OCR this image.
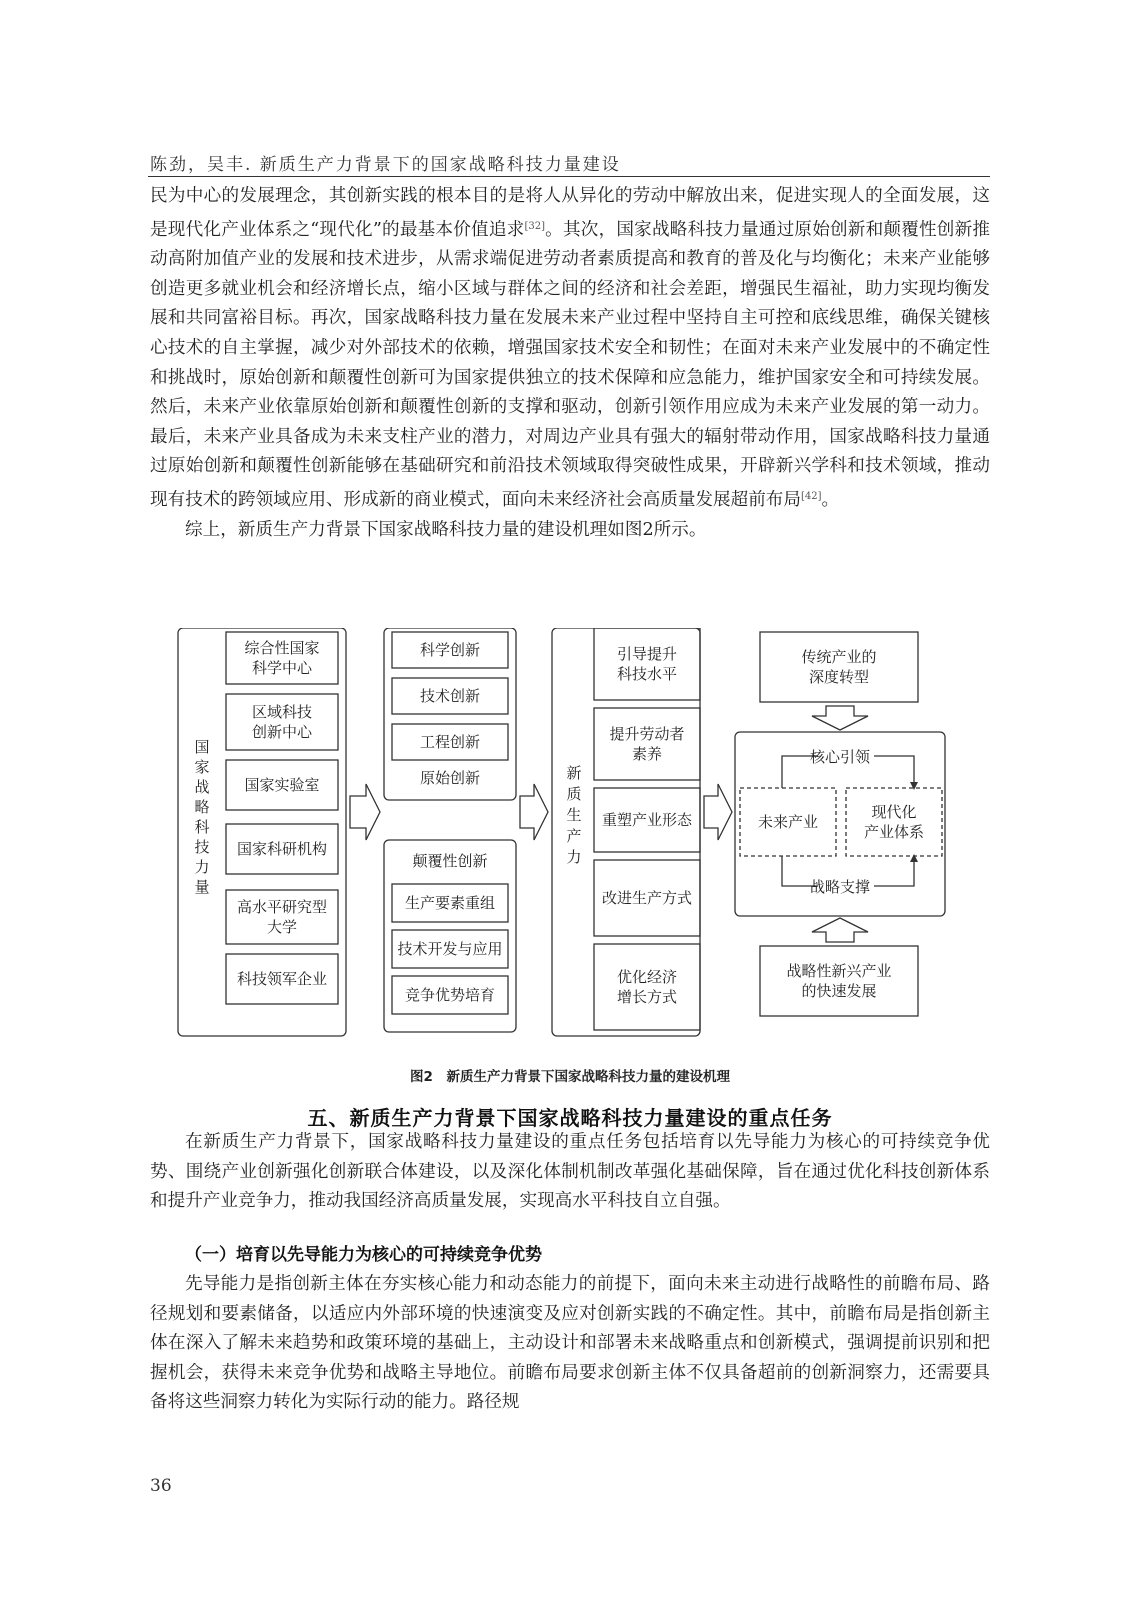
陈劲，吴丰. 新质生产力背景下的国家战略科技力量建设

民为中心的发展理念，其创新实践的根本目的是将人从异化的劳动中解放出来，促进实现人的全面发展，这是现代化产业体系之“现代化”的最基本价值追求[32]。其次，国家战略科技力量通过原始创新和颠覆性创新推动高附加值产业的发展和技术进步，从需求端促进劳动者素质提高和教育的普及化与均衡化；未来产业能够创造更多就业机会和经济增长点，缩小区域与群体之间的经济和社会差距，增强民生福祉，助力实现均衡发展和共同富裕目标。再次，国家战略科技力量在发展未来产业过程中坚持自主可控和底线思维，确保关键核心技术的自主掌握，减少对外部技术的依赖，增强国家技术安全和韧性；在面对未来产业发展中的不确定性和挑战时，原始创新和颠覆性创新可为国家提供独立的技术保障和应急能力，维护国家安全和可持续发展。然后，未来产业依靠原始创新和颠覆性创新的支撑和驱动，创新引领作用应成为未来产业发展的第一动力。最后，未来产业具备成为未来支柱产业的潜力，对周边产业具有强大的辐射带动作用，国家战略科技力量通过原始创新和颠覆性创新能够在基础研究和前沿技术领域取得突破性成果，开辟新兴学科和技术领域，推动现有技术的跨领域应用、形成新的商业模式，面向未来经济社会高质量发展超前布局[42]。

综上，新质生产力背景下国家战略科技力量的建设机理如图2所示。

综合性国家
科学中心
区域科技
创新中心
国家实验室
国家科研机构
高水平研究型
大学
科技领军企业
国
家
战
略
科
技
力
量
科学创新
技术创新
工程创新
原始创新
颠覆性创新
生产要素重组
技术开发与应用
竞争优势培育
新
质
生
产
力
引导提升
科技水平
提升劳动者
素养
重塑产业形态
改进生产方式
优化经济
增长方式
传统产业的
深度转型
核心引领
未来产业
现代化
产业体系
战略支撑
战略性新兴产业
的快速发展
图2　新质生产力背景下国家战略科技力量的建设机理
五、新质生产力背景下国家战略科技力量建设的重点任务

在新质生产力背景下，国家战略科技力量建设的重点任务包括培育以先导能力为核心的可持续竞争优势、围绕产业创新强化创新联合体建设，以及深化体制机制改革强化基础保障，旨在通过优化科技创新体系和提升产业竞争力，推动我国经济高质量发展，实现高水平科技自立自强。

（一）培育以先导能力为核心的可持续竞争优势

先导能力是指创新主体在夯实核心能力和动态能力的前提下，面向未来主动进行战略性的前瞻布局、路径规划和要素储备，以适应内外部环境的快速演变及应对创新实践的不确定性。其中，前瞻布局是指创新主体在深入了解未来趋势和政策环境的基础上，主动设计和部署未来战略重点和创新模式，强调提前识别和把握机会，获得未来竞争优势和战略主导地位。前瞻布局要求创新主体不仅具备超前的创新洞察力，还需要具备将这些洞察力转化为实际行动的能力。路径规

36
